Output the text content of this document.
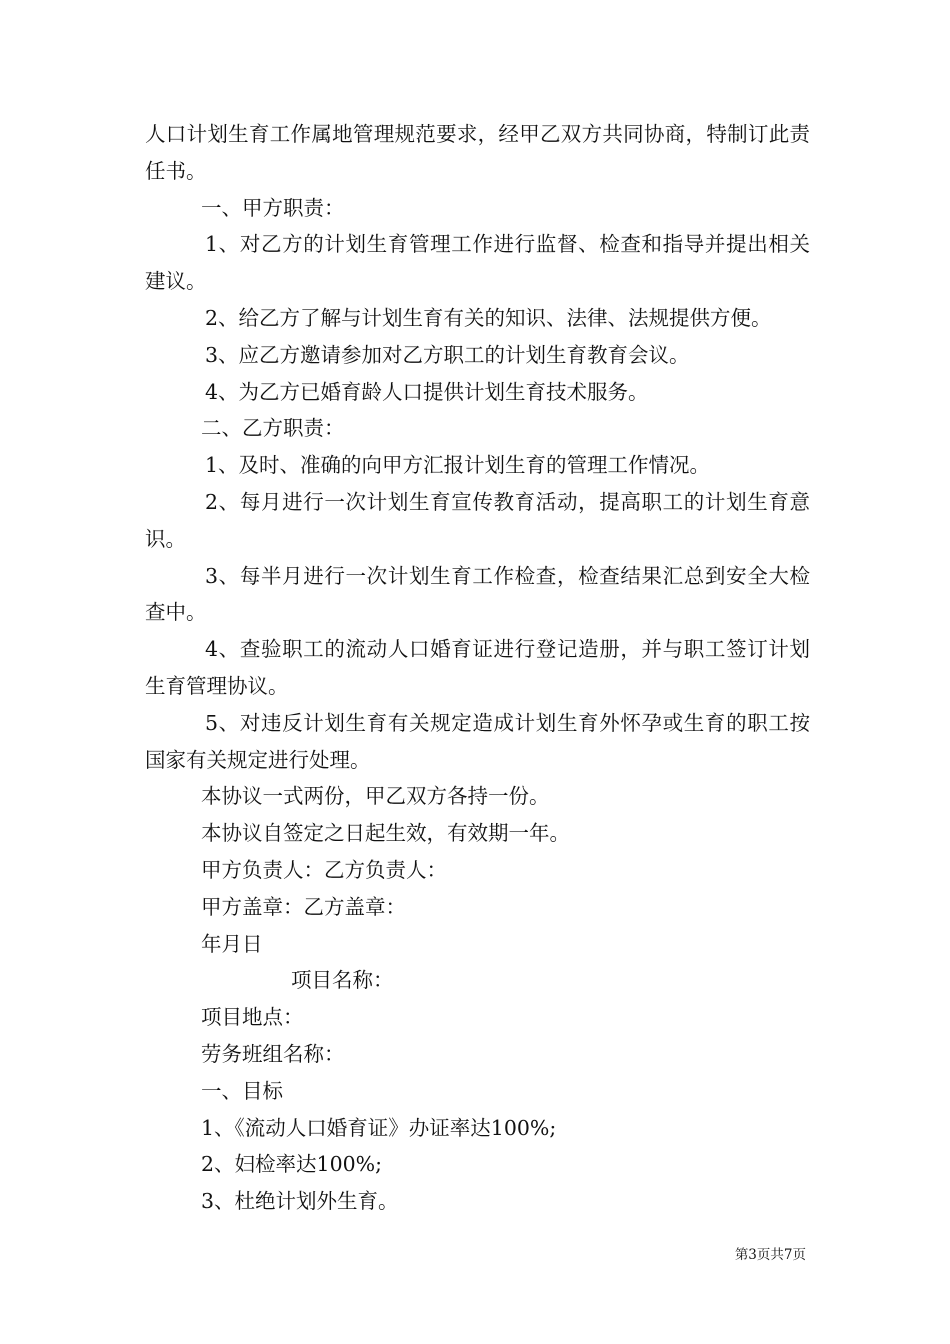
人口计划生育工作属地管理规范要求，经甲乙双方共同协商，特制订此责任书。

一、甲方职责：

1、对乙方的计划生育管理工作进行监督、检查和指导并提出相关建议。

2、给乙方了解与计划生育有关的知识、法律、法规提供方便。

3、应乙方邀请参加对乙方职工的计划生育教育会议。

4、为乙方已婚育龄人口提供计划生育技术服务。

二、乙方职责：

1、及时、准确的向甲方汇报计划生育的管理工作情况。

2、每月进行一次计划生育宣传教育活动，提高职工的计划生育意识。

3、每半月进行一次计划生育工作检查，检查结果汇总到安全大检查中。

4、查验职工的流动人口婚育证进行登记造册，并与职工签订计划生育管理协议。

5、对违反计划生育有关规定造成计划生育外怀孕或生育的职工按国家有关规定进行处理。

本协议一式两份，甲乙双方各持一份。

本协议自签定之日起生效，有效期一年。

甲方负责人：乙方负责人：

甲方盖章：乙方盖章：

年月日

项目名称：

项目地点：

劳务班组名称：

一、目标

1、《流动人口婚育证》办证率达100%;

2、妇检率达100%;

3、杜绝计划外生育。

第3页共7页
